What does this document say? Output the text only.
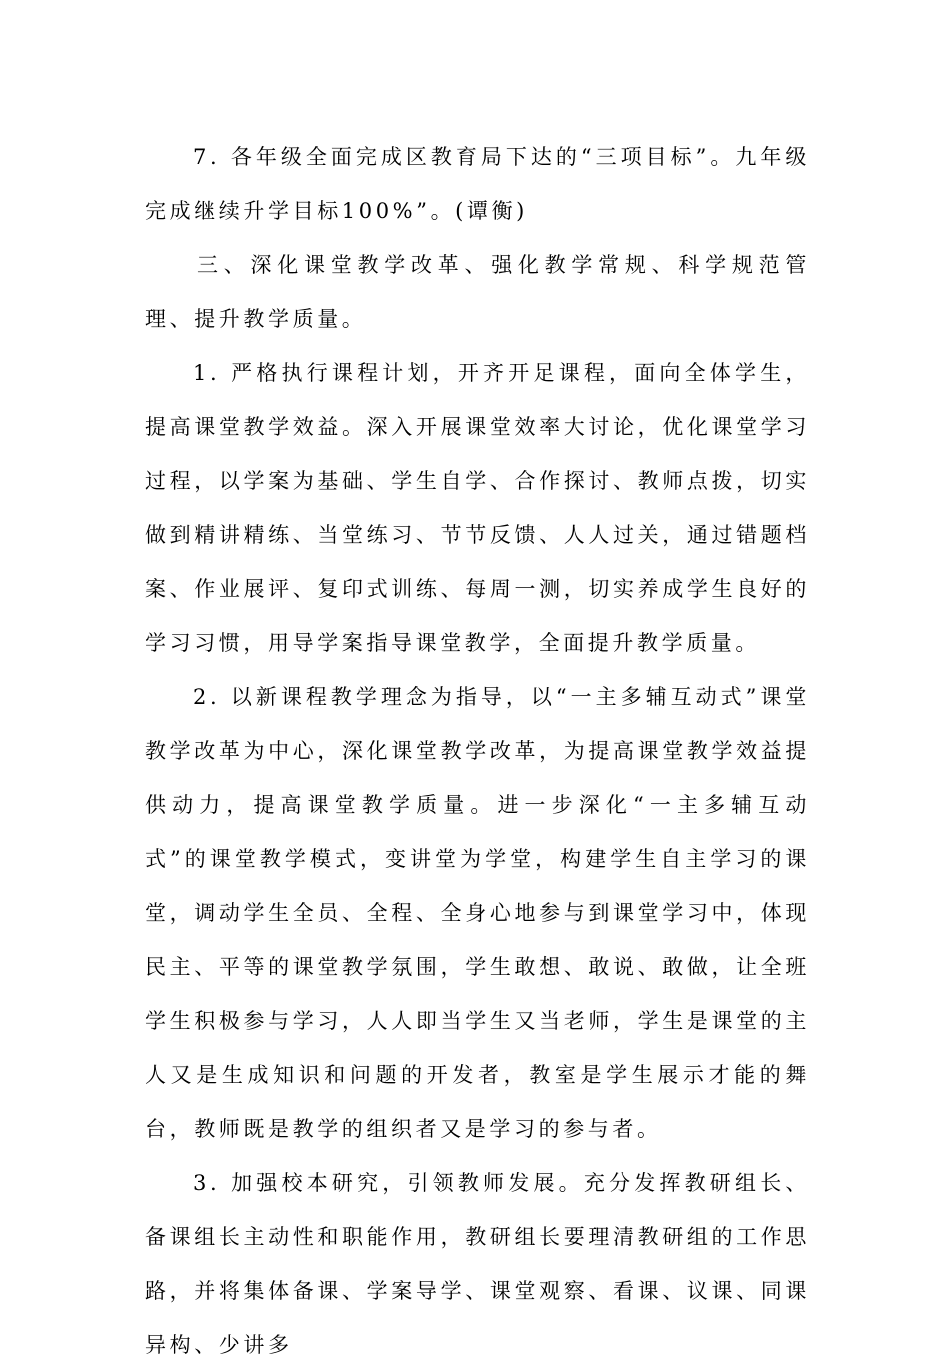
7. 各年级全面完成区教育局下达的“三项目标”。九年级完成继续升学目标100%”。(谭衡)

三、深化课堂教学改革、强化教学常规、科学规范管理、提升教学质量。

1. 严格执行课程计划，开齐开足课程，面向全体学生，提高课堂教学效益。深入开展课堂效率大讨论，优化课堂学习过程，以学案为基础、学生自学、合作探讨、教师点拨，切实做到精讲精练、当堂练习、节节反馈、人人过关，通过错题档案、作业展评、复印式训练、每周一测，切实养成学生良好的学习习惯，用导学案指导课堂教学，全面提升教学质量。

2. 以新课程教学理念为指导，以“一主多辅互动式”课堂教学改革为中心，深化课堂教学改革，为提高课堂教学效益提供动力，提高课堂教学质量。进一步深化“一主多辅互动式”的课堂教学模式，变讲堂为学堂，构建学生自主学习的课堂，调动学生全员、全程、全身心地参与到课堂学习中，体现民主、平等的课堂教学氛围，学生敢想、敢说、敢做，让全班学生积极参与学习，人人即当学生又当老师，学生是课堂的主人又是生成知识和问题的开发者，教室是学生展示才能的舞台，教师既是教学的组织者又是学习的参与者。

3. 加强校本研究，引领教师发展。充分发挥教研组长、备课组长主动性和职能作用，教研组长要理清教研组的工作思路，并将集体备课、学案导学、课堂观察、看课、议课、同课异构、少讲多
